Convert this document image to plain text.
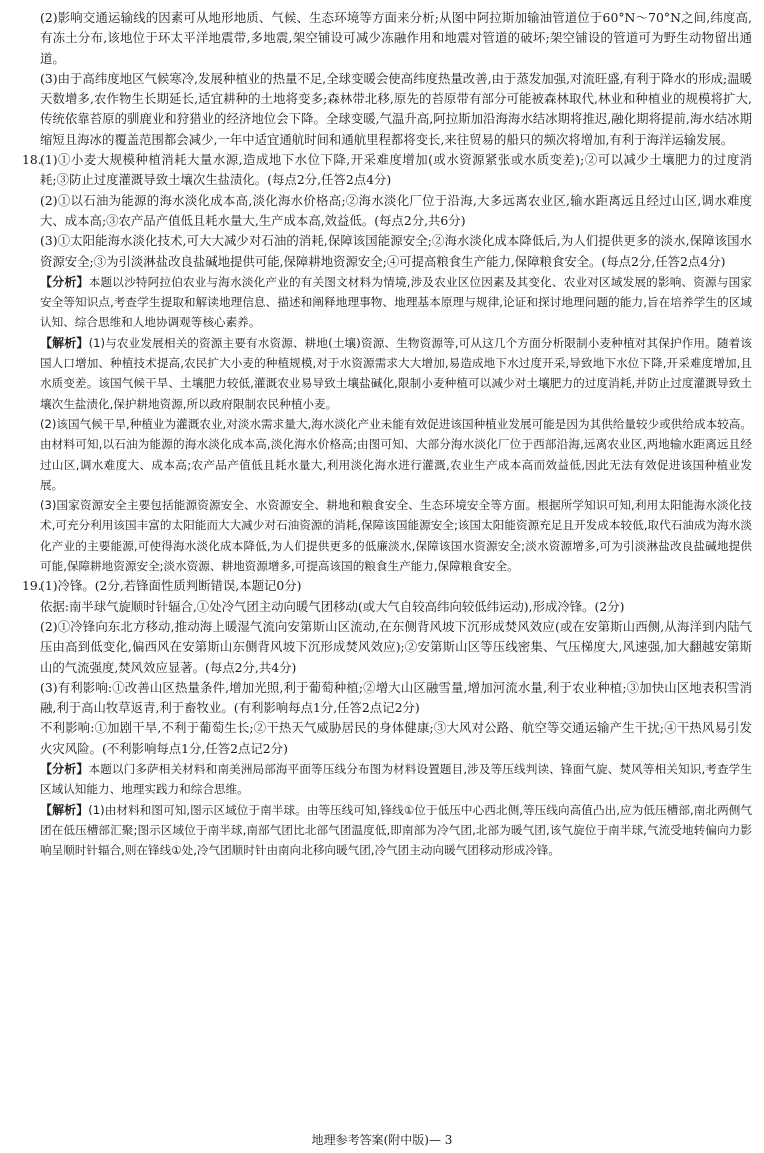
(2)影响交通运输线的因素可从地形地质、气候、生态环境等方面来分析;从图中阿拉斯加输油管道位于60°N～70°N之间,纬度高,有冻土分布,该地位于环太平洋地震带,多地震,架空铺设可减少冻融作用和地震对管道的破坏;架空铺设的管道可为野生动物留出通道。

(3)由于高纬度地区气候寒冷,发展种植业的热量不足,全球变暖会使高纬度热量改善,由于蒸发加强,对流旺盛,有利于降水的形成;温暖天数增多,农作物生长期延长,适宜耕种的土地将变多;森林带北移,原先的苔原带有部分可能被森林取代,林业和种植业的规模将扩大,传统依靠苔原的驯鹿业和狩猎业的经济地位会下降。全球变暖,气温升高,阿拉斯加沿海海水结冰期将推迟,融化期将提前,海水结冰期缩短且海冰的覆盖范围都会减少,一年中适宜通航时间和通航里程都将变长,来往贸易的船只的频次将增加,有利于海洋运输发展。

18.(1)①小麦大规模种植消耗大量水源,造成地下水位下降,开采难度增加(或水资源紧张或水质变差);②可以减少土壤肥力的过度消耗;③防止过度灌溉导致土壤次生盐渍化。(每点2分,任答2点4分)

(2)①以石油为能源的海水淡化成本高,淡化海水价格高;②海水淡化厂位于沿海,大多远离农业区,输水距离远且经过山区,调水难度大、成本高;③农产品产值低且耗水量大,生产成本高,效益低。(每点2分,共6分)

(3)①太阳能海水淡化技术,可大大减少对石油的消耗,保障该国能源安全;②海水淡化成本降低后,为人们提供更多的淡水,保障该国水资源安全;③为引淡淋盐改良盐碱地提供可能,保障耕地资源安全;④可提高粮食生产能力,保障粮食安全。(每点2分,任答2点4分)

【分析】本题以沙特阿拉伯农业与海水淡化产业的有关图文材料为情境,涉及农业区位因素及其变化、农业对区域发展的影响、资源与国家安全等知识点,考查学生提取和解读地理信息、描述和阐释地理事物、地理基本原理与规律,论证和探讨地理问题的能力,旨在培养学生的区域认知、综合思维和人地协调观等核心素养。

【解析】(1)与农业发展相关的资源主要有水资源、耕地(土壤)资源、生物资源等,可从这几个方面分析限制小麦种植对其保护作用。随着该国人口增加、种植技术提高,农民扩大小麦的种植规模,对于水资源需求大大增加,易造成地下水过度开采,导致地下水位下降,开采难度增加,且水质变差。该国气候干旱、土壤肥力较低,灌溉农业易导致土壤盐碱化,限制小麦种植可以减少对土壤肥力的过度消耗,并防止过度灌溉导致土壤次生盐渍化,保护耕地资源,所以政府限制农民种植小麦。

(2)该国气候干旱,种植业为灌溉农业,对淡水需求量大,海水淡化产业未能有效促进该国种植业发展可能是因为其供给量较少或供给成本较高。由材料可知,以石油为能源的海水淡化成本高,淡化海水价格高;由图可知、大部分海水淡化厂位于西部沿海,远离农业区,两地输水距离远且经过山区,调水难度大、成本高;农产品产值低且耗水量大,利用淡化海水进行灌溉,农业生产成本高而效益低,因此无法有效促进该国种植业发展。

(3)国家资源安全主要包括能源资源安全、水资源安全、耕地和粮食安全、生态环境安全等方面。根据所学知识可知,利用太阳能海水淡化技术,可充分利用该国丰富的太阳能而大大减少对石油资源的消耗,保障该国能源安全;该国太阳能资源充足且开发成本较低,取代石油成为海水淡化产业的主要能源,可使得海水淡化成本降低,为人们提供更多的低廉淡水,保障该国水资源安全;淡水资源增多,可为引淡淋盐改良盐碱地提供可能,保障耕地资源安全;淡水资源、耕地资源增多,可提高该国的粮食生产能力,保障粮食安全。

19.(1)冷锋。(2分,若锋面性质判断错误,本题记0分)

依据:南半球气旋顺时针辐合,①处冷气团主动向暖气团移动(或大气自较高纬向较低纬运动),形成冷锋。(2分)

(2)①冷锋向东北方移动,推动海上暖湿气流向安第斯山区流动,在东侧背风坡下沉形成焚风效应(或在安第斯山西侧,从海洋到内陆气压由高到低变化,偏西风在安第斯山东侧背风坡下沉形成焚风效应);②安第斯山区等压线密集、气压梯度大,风速强,加大翻越安第斯山的气流强度,焚风效应显著。(每点2分,共4分)

(3)有利影响:①改善山区热量条件,增加光照,利于葡萄种植;②增大山区融雪量,增加河流水量,利于农业种植;③加快山区地表积雪消融,利于高山牧草返青,利于畜牧业。(有利影响每点1分,任答2点记2分)

不利影响:①加剧干旱,不利于葡萄生长;②干热天气威胁居民的身体健康;③大风对公路、航空等交通运输产生干扰;④干热风易引发火灾风险。(不利影响每点1分,任答2点记2分)

【分析】本题以门多萨相关材料和南美洲局部海平面等压线分布图为材料设置题目,涉及等压线判读、锋面气旋、焚风等相关知识,考查学生区域认知能力、地理实践力和综合思维。

【解析】(1)由材料和图可知,图示区域位于南半球。由等压线可知,锋线①位于低压中心西北侧,等压线向高值凸出,应为低压槽部,南北两侧气团在低压槽部汇聚;图示区域位于南半球,南部气团比北部气团温度低,即南部为冷气团,北部为暖气团,该气旋位于南半球,气流受地转偏向力影响呈顺时针辐合,则在锋线①处,冷气团顺时针由南向北移向暖气团,冷气团主动向暖气团移动形成冷锋。

地理参考答案(附中版)— 3
